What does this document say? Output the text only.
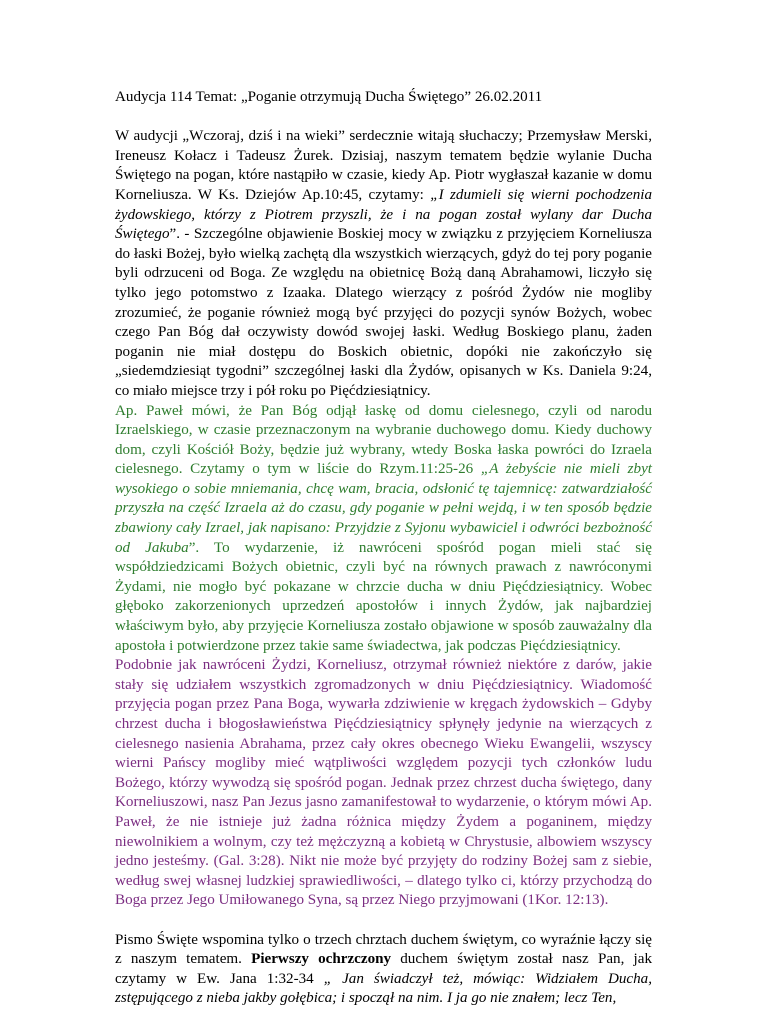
Audycja 114 Temat: „Poganie otrzymują Ducha Świętego” 26.02.2011

W audycji „Wczoraj, dziś i na wieki” serdecznie witają słuchaczy; Przemysław Merski, Ireneusz Kołacz i Tadeusz Żurek. Dzisiaj, naszym tematem będzie wylanie Ducha Świętego na pogan, które nastąpiło w czasie, kiedy Ap. Piotr wygłaszał kazanie w domu Korneliusza. W Ks. Dziejów Ap.10:45, czytamy: „I zdumieli się wierni pochodzenia żydowskiego, którzy z Piotrem przyszli, że i na pogan został wylany dar Ducha Świętego”. - Szczególne objawienie Boskiej mocy w związku z przyjęciem Korneliusza do łaski Bożej, było wielką zachętą dla wszystkich wierzących, gdyż do tej pory poganie byli odrzuceni od Boga. Ze względu na obietnicę Bożą daną Abrahamowi, liczyło się tylko jego potomstwo z Izaaka. Dlatego wierzący z pośród Żydów nie mogliby zrozumieć, że poganie również mogą być przyjęci do pozycji synów Bożych, wobec czego Pan Bóg dał oczywisty dowód swojej łaski. Według Boskiego planu, żaden poganin nie miał dostępu do Boskich obietnic, dopóki nie zakończyło się „siedemdziesiąt tygodni” szczególnej łaski dla Żydów, opisanych w Ks. Daniela 9:24, co miało miejsce trzy i pół roku po Pięćdziesiątnicy.

Ap. Paweł mówi, że Pan Bóg odjął łaskę od domu cielesnego, czyli od narodu Izraelskiego, w czasie przeznaczonym na wybranie duchowego domu. Kiedy duchowy dom, czyli Kościół Boży, będzie już wybrany, wtedy Boska łaska powróci do Izraela cielesnego. Czytamy o tym w liście do Rzym.11:25-26 „A żebyście nie mieli zbyt wysokiego o sobie mniemania, chcę wam, bracia, odsłonić tę tajemnicę: zatwardziałość przyszła na część Izraela aż do czasu, gdy poganie w pełni wejdą, i w ten sposób będzie zbawiony cały Izrael, jak napisano: Przyjdzie z Syjonu wybawiciel i odwróci bezbożność od Jakuba”. To wydarzenie, iż nawróceni spośród pogan mieli stać się współdziedzicami Bożych obietnic, czyli być na równych prawach z nawróconymi Żydami, nie mogło być pokazane w chrzcie ducha w dniu Pięćdziesiątnicy. Wobec głęboko zakorzenionych uprzedzeń apostołów i innych Żydów, jak najbardziej właściwym było, aby przyjęcie Korneliusza zostało objawione w sposób zauważalny dla apostoła i potwierdzone przez takie same świadectwa, jak podczas Pięćdziesiątnicy.

Podobnie jak nawróceni Żydzi, Korneliusz, otrzymał również niektóre z darów, jakie stały się udziałem wszystkich zgromadzonych w dniu Pięćdziesiątnicy. Wiadomość przyjęcia pogan przez Pana Boga, wywarła zdziwienie w kręgach żydowskich – Gdyby chrzest ducha i błogosławieństwa Pięćdziesiątnicy spłynęły jedynie na wierzących z cielesnego nasienia Abrahama, przez cały okres obecnego Wieku Ewangelii, wszyscy wierni Pańscy mogliby mieć wątpliwości względem pozycji tych członków ludu Bożego, którzy wywodzą się spośród pogan. Jednak przez chrzest ducha świętego, dany Korneliuszowi, nasz Pan Jezus jasno zamanifestował to wydarzenie, o którym mówi Ap. Paweł, że nie istnieje już żadna różnica między Żydem a poganinem, między niewolnikiem a wolnym, czy też mężczyzną a kobietą w Chrystusie, albowiem wszyscy jedno jesteśmy. (Gal. 3:28). Nikt nie może być przyjęty do rodziny Bożej sam z siebie, według swej własnej ludzkiej sprawiedliwości, – dlatego tylko ci, którzy przychodzą do Boga przez Jego Umiłowanego Syna, są przez Niego przyjmowani (1Kor. 12:13).

Pismo Święte wspomina tylko o trzech chrztach duchem świętym, co wyraźnie łączy się z naszym tematem. Pierwszy ochrzczony duchem świętym został nasz Pan, jak czytamy w Ew. Jana 1:32-34 „ Jan świadczył też, mówiąc: Widziałem Ducha, zstępującego z nieba jakby gołębica; i spoczął na nim. I ja go nie znałem; lecz Ten,
